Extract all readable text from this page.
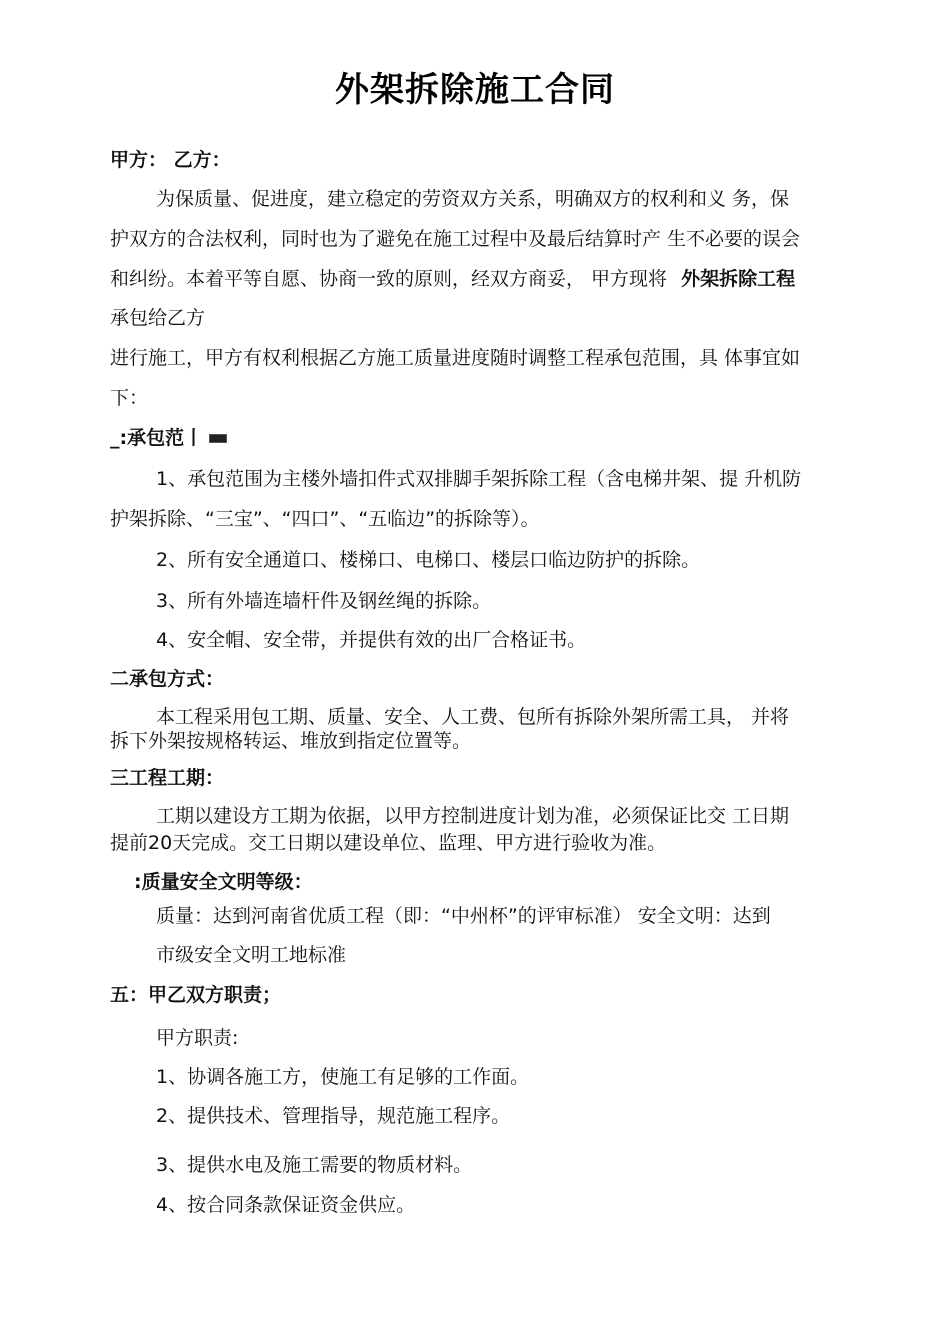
外架拆除施工合同
甲方： 乙方：
为保质量、促进度，建立稳定的劳资双方关系，明确双方的权利和义 务，保
护双方的合法权利，同时也为了避免在施工过程中及最后结算时产 生不必要的误会
和纠纷。本着平等自愿、协商一致的原则，经双方商妥， 甲方现将 外架拆除工程
承包给乙方
进行施工，甲方有权利根据乙方施工质量进度随时调整工程承包范围，具 体事宜如
下：
_:承包范丨
1、承包范围为主楼外墙扣件式双排脚手架拆除工程（含电梯井架、提 升机防
护架拆除、“三宝”、“四口”、“五临边”的拆除等）。
2、所有安全通道口、楼梯口、电梯口、楼层口临边防护的拆除。
3、所有外墙连墙杆件及钢丝绳的拆除。
4、安全帽、安全带，并提供有效的出厂合格证书。
二承包方式：
本工程采用包工期、质量、安全、人工费、包所有拆除外架所需工具， 并将
拆下外架按规格转运、堆放到指定位置等。
三工程工期：
工期以建设方工期为依据，以甲方控制进度计划为准，必须保证比交 工日期
提前20天完成。交工日期以建设单位、监理、甲方进行验收为准。
:质量安全文明等级：
质量：达到河南省优质工程（即：“中州杯”的评审标准） 安全文明：达到
市级安全文明工地标准
五：甲乙双方职责；
甲方职责:
1、协调各施工方，使施工有足够的工作面。
2、提供技术、管理指导，规范施工程序。
3、提供水电及施工需要的物质材料。
4、按合同条款保证资金供应。
